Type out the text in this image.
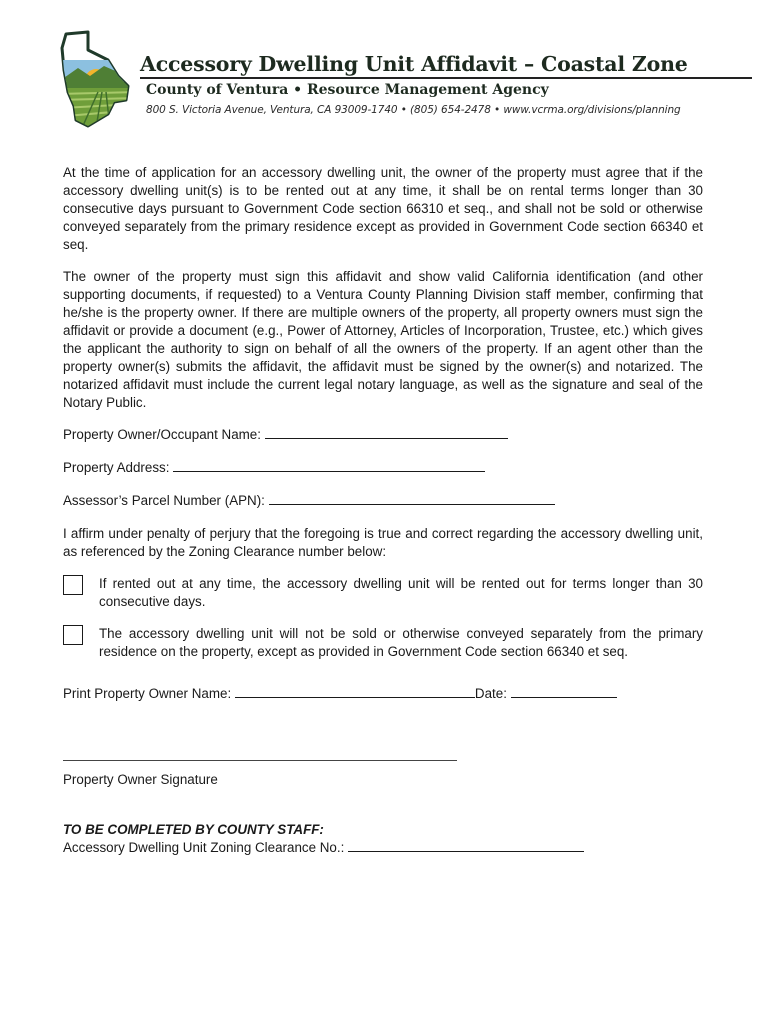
Accessory Dwelling Unit Affidavit – Coastal Zone
County of Ventura • Resource Management Agency
800 S. Victoria Avenue, Ventura, CA 93009-1740 • (805) 654-2478 • www.vcrma.org/divisions/planning

At the time of application for an accessory dwelling unit, the owner of the property must agree that if the accessory dwelling unit(s) is to be rented out at any time, it shall be on rental terms longer than 30 consecutive days pursuant to Government Code section 66310 et seq., and shall not be sold or otherwise conveyed separately from the primary residence except as provided in Government Code section 66340 et seq.

The owner of the property must sign this affidavit and show valid California identification (and other supporting documents, if requested) to a Ventura County Planning Division staff member, confirming that he/she is the property owner. If there are multiple owners of the property, all property owners must sign the affidavit or provide a document (e.g., Power of Attorney, Articles of Incorporation, Trustee, etc.) which gives the applicant the authority to sign on behalf of all the owners of the property. If an agent other than the property owner(s) submits the affidavit, the affidavit must be signed by the owner(s) and notarized. The notarized affidavit must include the current legal notary language, as well as the signature and seal of the Notary Public.

Property Owner/Occupant Name:
Property Address:
Assessor’s Parcel Number (APN):

I affirm under penalty of perjury that the foregoing is true and correct regarding the accessory dwelling unit, as referenced by the Zoning Clearance number below:

If rented out at any time, the accessory dwelling unit will be rented out for terms longer than 30 consecutive days.
The accessory dwelling unit will not be sold or otherwise conveyed separately from the primary residence on the property, except as provided in Government Code section 66340 et seq.
Print Property Owner Name:	Date:
Property Owner Signature
TO BE COMPLETED BY COUNTY STAFF:
Accessory Dwelling Unit Zoning Clearance No.:
